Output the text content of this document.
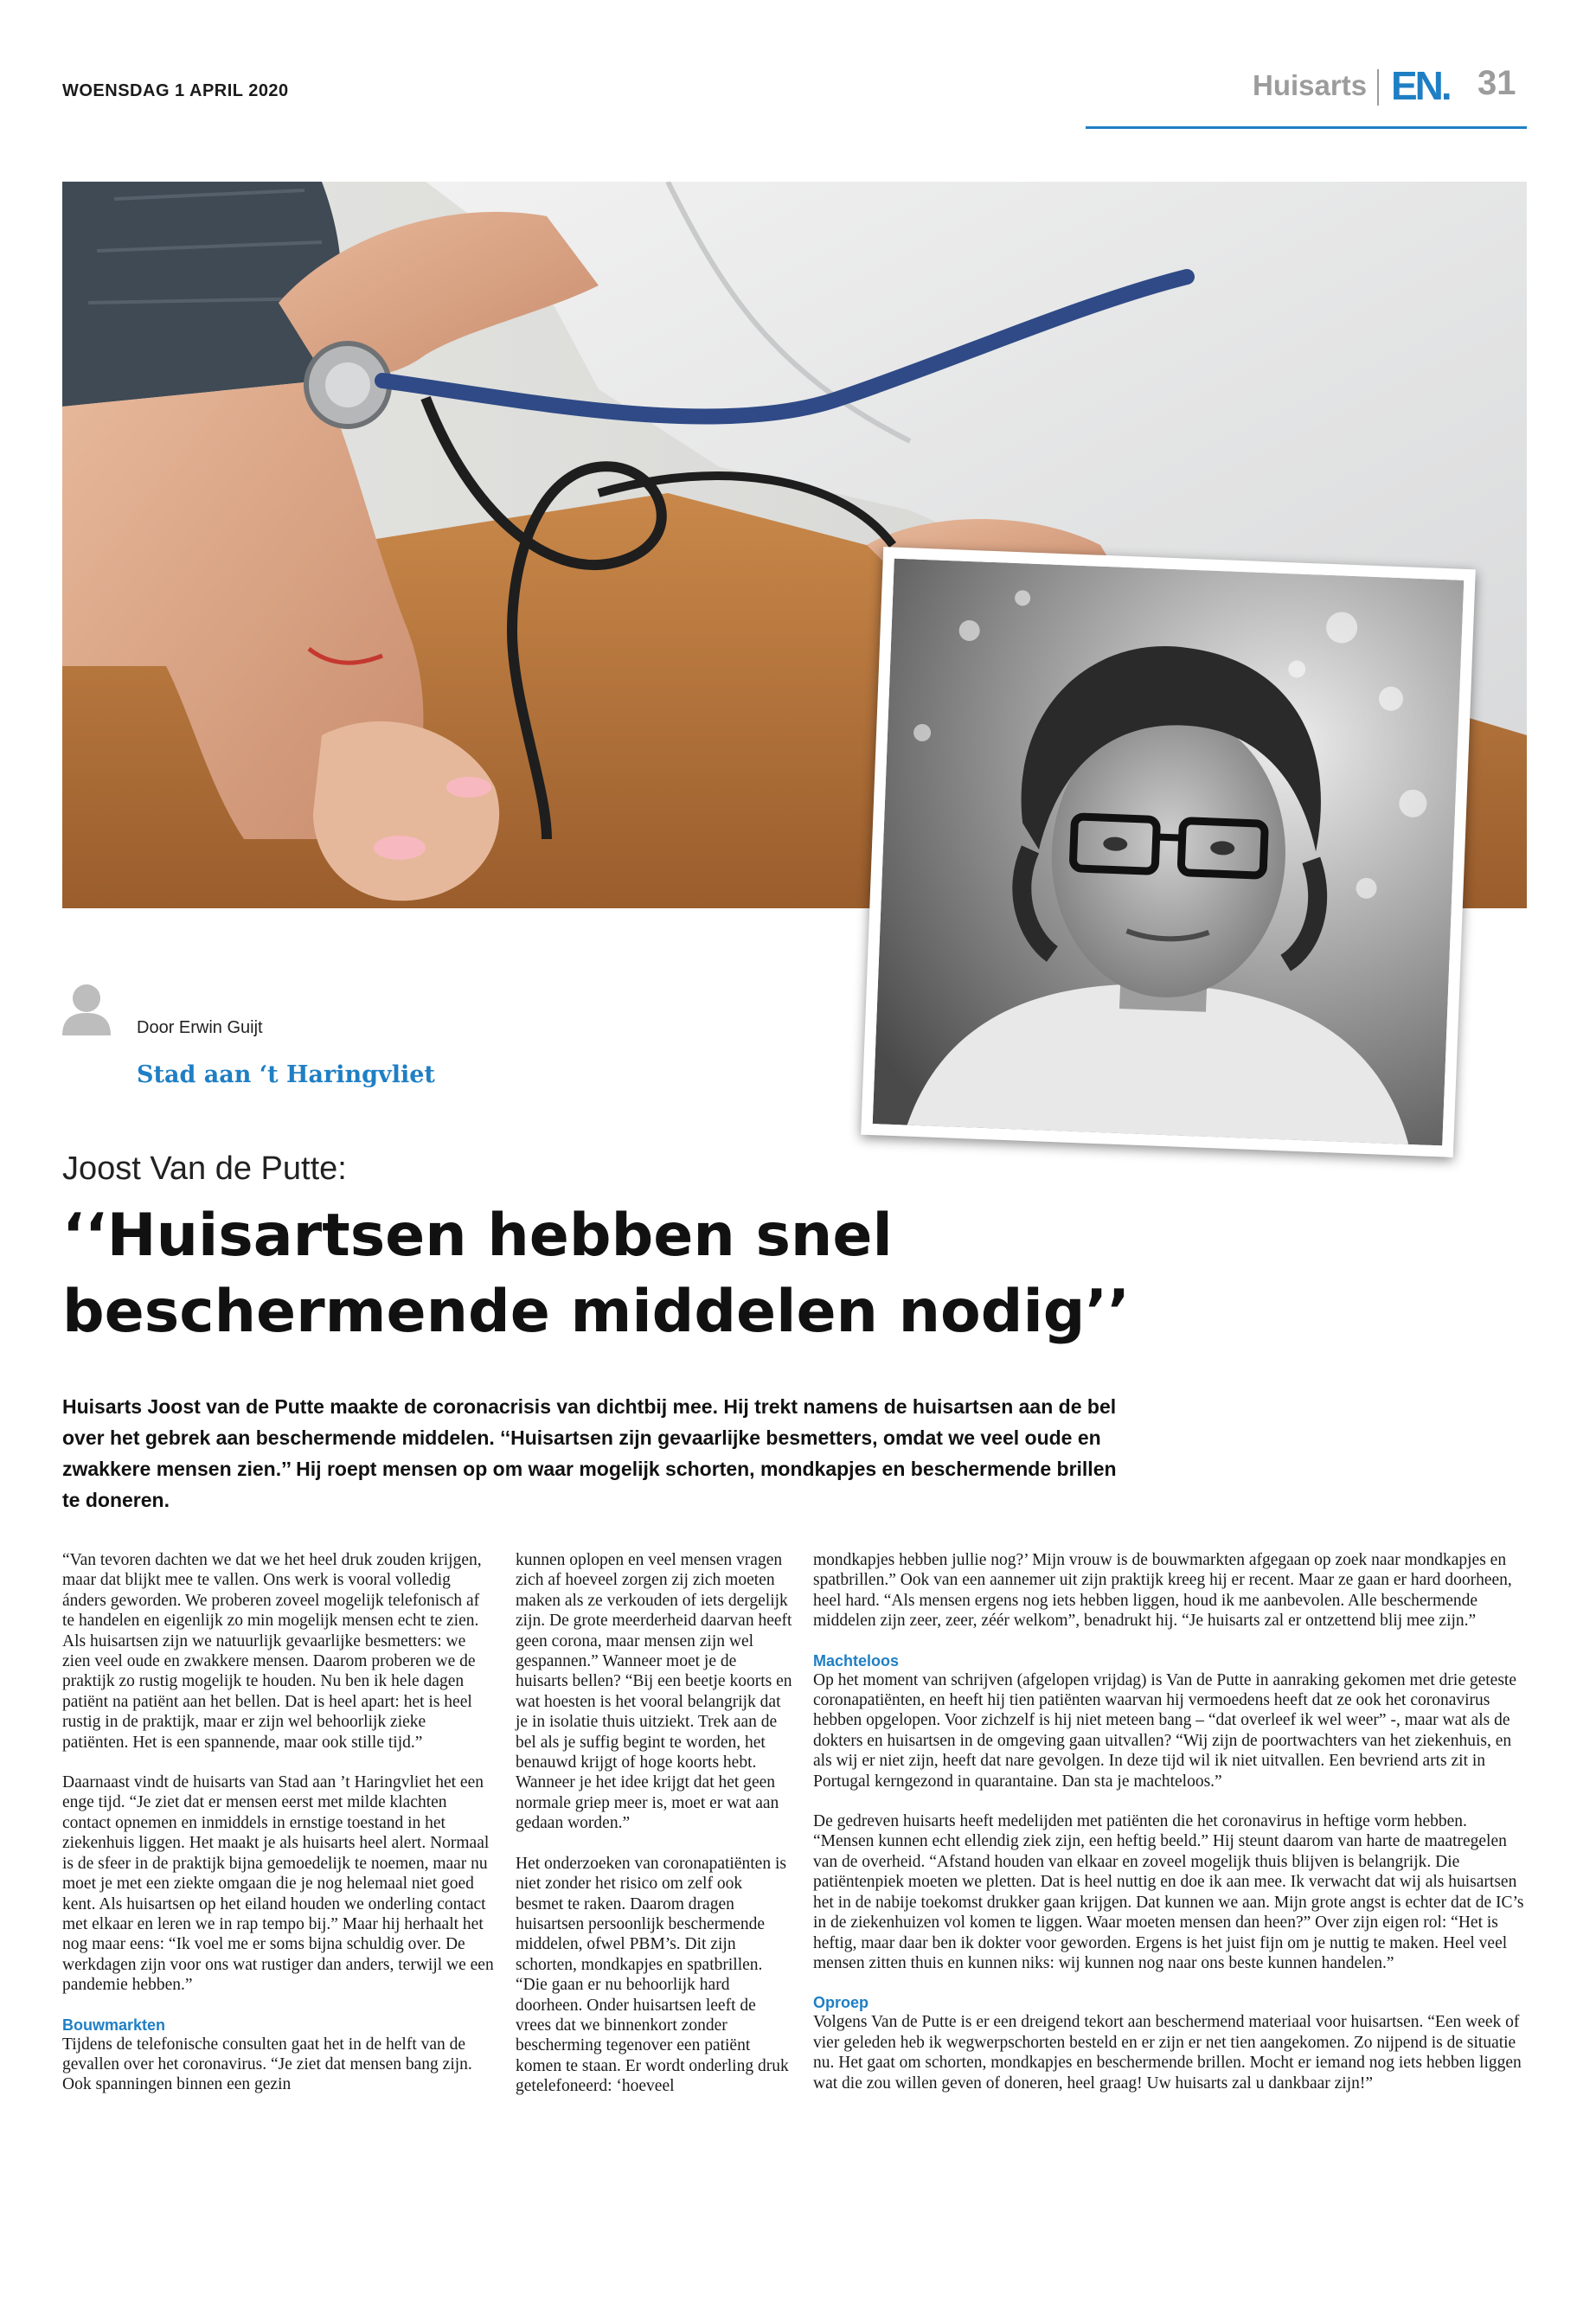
WOENSDAG 1 APRIL 2020	Huisarts EN. 31
Door Erwin Guijt
Stad aan ‘t Haringvliet
Joost Van de Putte:
‘‘Huisartsen hebben snel
beschermende middelen nodig’’

Huisarts Joost van de Putte maakte de coronacrisis van dichtbij mee. Hij trekt namens de huisartsen aan de bel over het gebrek aan beschermende middelen. ‘‘Huisartsen zijn gevaarlijke besmetters, omdat we veel oude en zwakkere mensen zien.’’ Hij roept mensen op om waar mogelijk schorten, mondkapjes en beschermende brillen te doneren.

“Van tevoren dachten we dat we het heel druk zouden krijgen, maar dat blijkt mee te vallen. Ons werk is vooral volledig ánders geworden. We proberen zoveel mogelijk telefonisch af te handelen en eigenlijk zo min mogelijk mensen echt te zien. Als huisartsen zijn we natuurlijk gevaarlijke besmetters: we zien veel oude en zwakkere mensen. Daarom proberen we de praktijk zo rustig mogelijk te houden. Nu ben ik hele dagen patiënt na patiënt aan het bellen. Dat is heel apart: het is heel rustig in de praktijk, maar er zijn wel behoorlijk zieke patiënten. Het is een spannende, maar ook stille tijd.”

Daarnaast vindt de huisarts van Stad aan ’t Haringvliet het een enge tijd. “Je ziet dat er mensen eerst met milde klachten contact opnemen en inmiddels in ernstige toestand in het ziekenhuis liggen. Het maakt je als huisarts heel alert. Normaal is de sfeer in de praktijk bijna gemoedelijk te noemen, maar nu moet je met een ziekte omgaan die je nog helemaal niet goed kent. Als huisartsen op het eiland houden we onderling contact met elkaar en leren we in rap tempo bij.” Maar hij herhaalt het nog maar eens: “Ik voel me er soms bijna schuldig over. De werkdagen zijn voor ons wat rustiger dan anders, terwijl we een pandemie hebben.”

Bouwmarkten

Tijdens de telefonische consulten gaat het in de helft van de gevallen over het coronavirus. “Je ziet dat mensen bang zijn. Ook spanningen binnen een gezin

kunnen oplopen en veel mensen vragen zich af hoeveel zorgen zij zich moeten maken als ze verkouden of iets dergelijk zijn. De grote meerderheid daarvan heeft geen corona, maar mensen zijn wel gespannen.” Wanneer moet je de huisarts bellen? “Bij een beetje koorts en wat hoesten is het vooral belangrijk dat je in isolatie thuis uitziekt. Trek aan de bel als je suffig begint te worden, het benauwd krijgt of hoge koorts hebt. Wanneer je het idee krijgt dat het geen normale griep meer is, moet er wat aan gedaan worden.”

Het onderzoeken van coronapatiënten is niet zonder het risico om zelf ook besmet te raken. Daarom dragen huisartsen persoonlijk beschermende middelen, ofwel PBM’s. Dit zijn schorten, mondkapjes en spatbrillen. “Die gaan er nu behoorlijk hard doorheen. Onder huisartsen leeft de vrees dat we binnenkort zonder bescherming tegenover een patiënt komen te staan. Er wordt onderling druk getelefoneerd: ‘hoeveel

mondkapjes hebben jullie nog?’ Mijn vrouw is de bouwmarkten afgegaan op zoek naar mondkapjes en spatbrillen.” Ook van een aannemer uit zijn praktijk kreeg hij er recent. Maar ze gaan er hard doorheen, heel hard. “Als mensen ergens nog iets hebben liggen, houd ik me aanbevolen. Alle beschermende middelen zijn zeer, zeer, zéér welkom”, benadrukt hij. “Je huisarts zal er ontzettend blij mee zijn.”

Machteloos

Op het moment van schrijven (afgelopen vrijdag) is Van de Putte in aanraking gekomen met drie geteste coronapatiënten, en heeft hij tien patiënten waarvan hij vermoedens heeft dat ze ook het coronavirus hebben opgelopen. Voor zichzelf is hij niet meteen bang – “dat overleef ik wel weer” -, maar wat als de dokters en huisartsen in de omgeving gaan uitvallen? “Wij zijn de poortwachters van het ziekenhuis, en als wij er niet zijn, heeft dat nare gevolgen. In deze tijd wil ik niet uitvallen. Een bevriend arts zit in Portugal kerngezond in quarantaine. Dan sta je machteloos.”

De gedreven huisarts heeft medelijden met patiënten die het coronavirus in heftige vorm hebben. “Mensen kunnen echt ellendig ziek zijn, een heftig beeld.” Hij steunt daarom van harte de maatregelen van de overheid. “Afstand houden van elkaar en zoveel mogelijk thuis blijven is belangrijk. Die patiëntenpiek moeten we pletten. Dat is heel nuttig en doe ik aan mee. Ik verwacht dat wij als huisartsen het in de nabije toekomst drukker gaan krijgen. Dat kunnen we aan. Mijn grote angst is echter dat de IC’s in de ziekenhuizen vol komen te liggen. Waar moeten mensen dan heen?” Over zijn eigen rol: “Het is heftig, maar daar ben ik dokter voor geworden. Ergens is het juist fijn om je nuttig te maken. Heel veel mensen zitten thuis en kunnen niks: wij kunnen nog naar ons beste kunnen handelen.”

Oproep

Volgens Van de Putte is er een dreigend tekort aan beschermend materiaal voor huisartsen. “Een week of vier geleden heb ik wegwerpschorten besteld en er zijn er net tien aangekomen. Zo nijpend is de situatie nu. Het gaat om schorten, mondkapjes en beschermende brillen. Mocht er iemand nog iets hebben liggen wat die zou willen geven of doneren, heel graag! Uw huisarts zal u dankbaar zijn!”
